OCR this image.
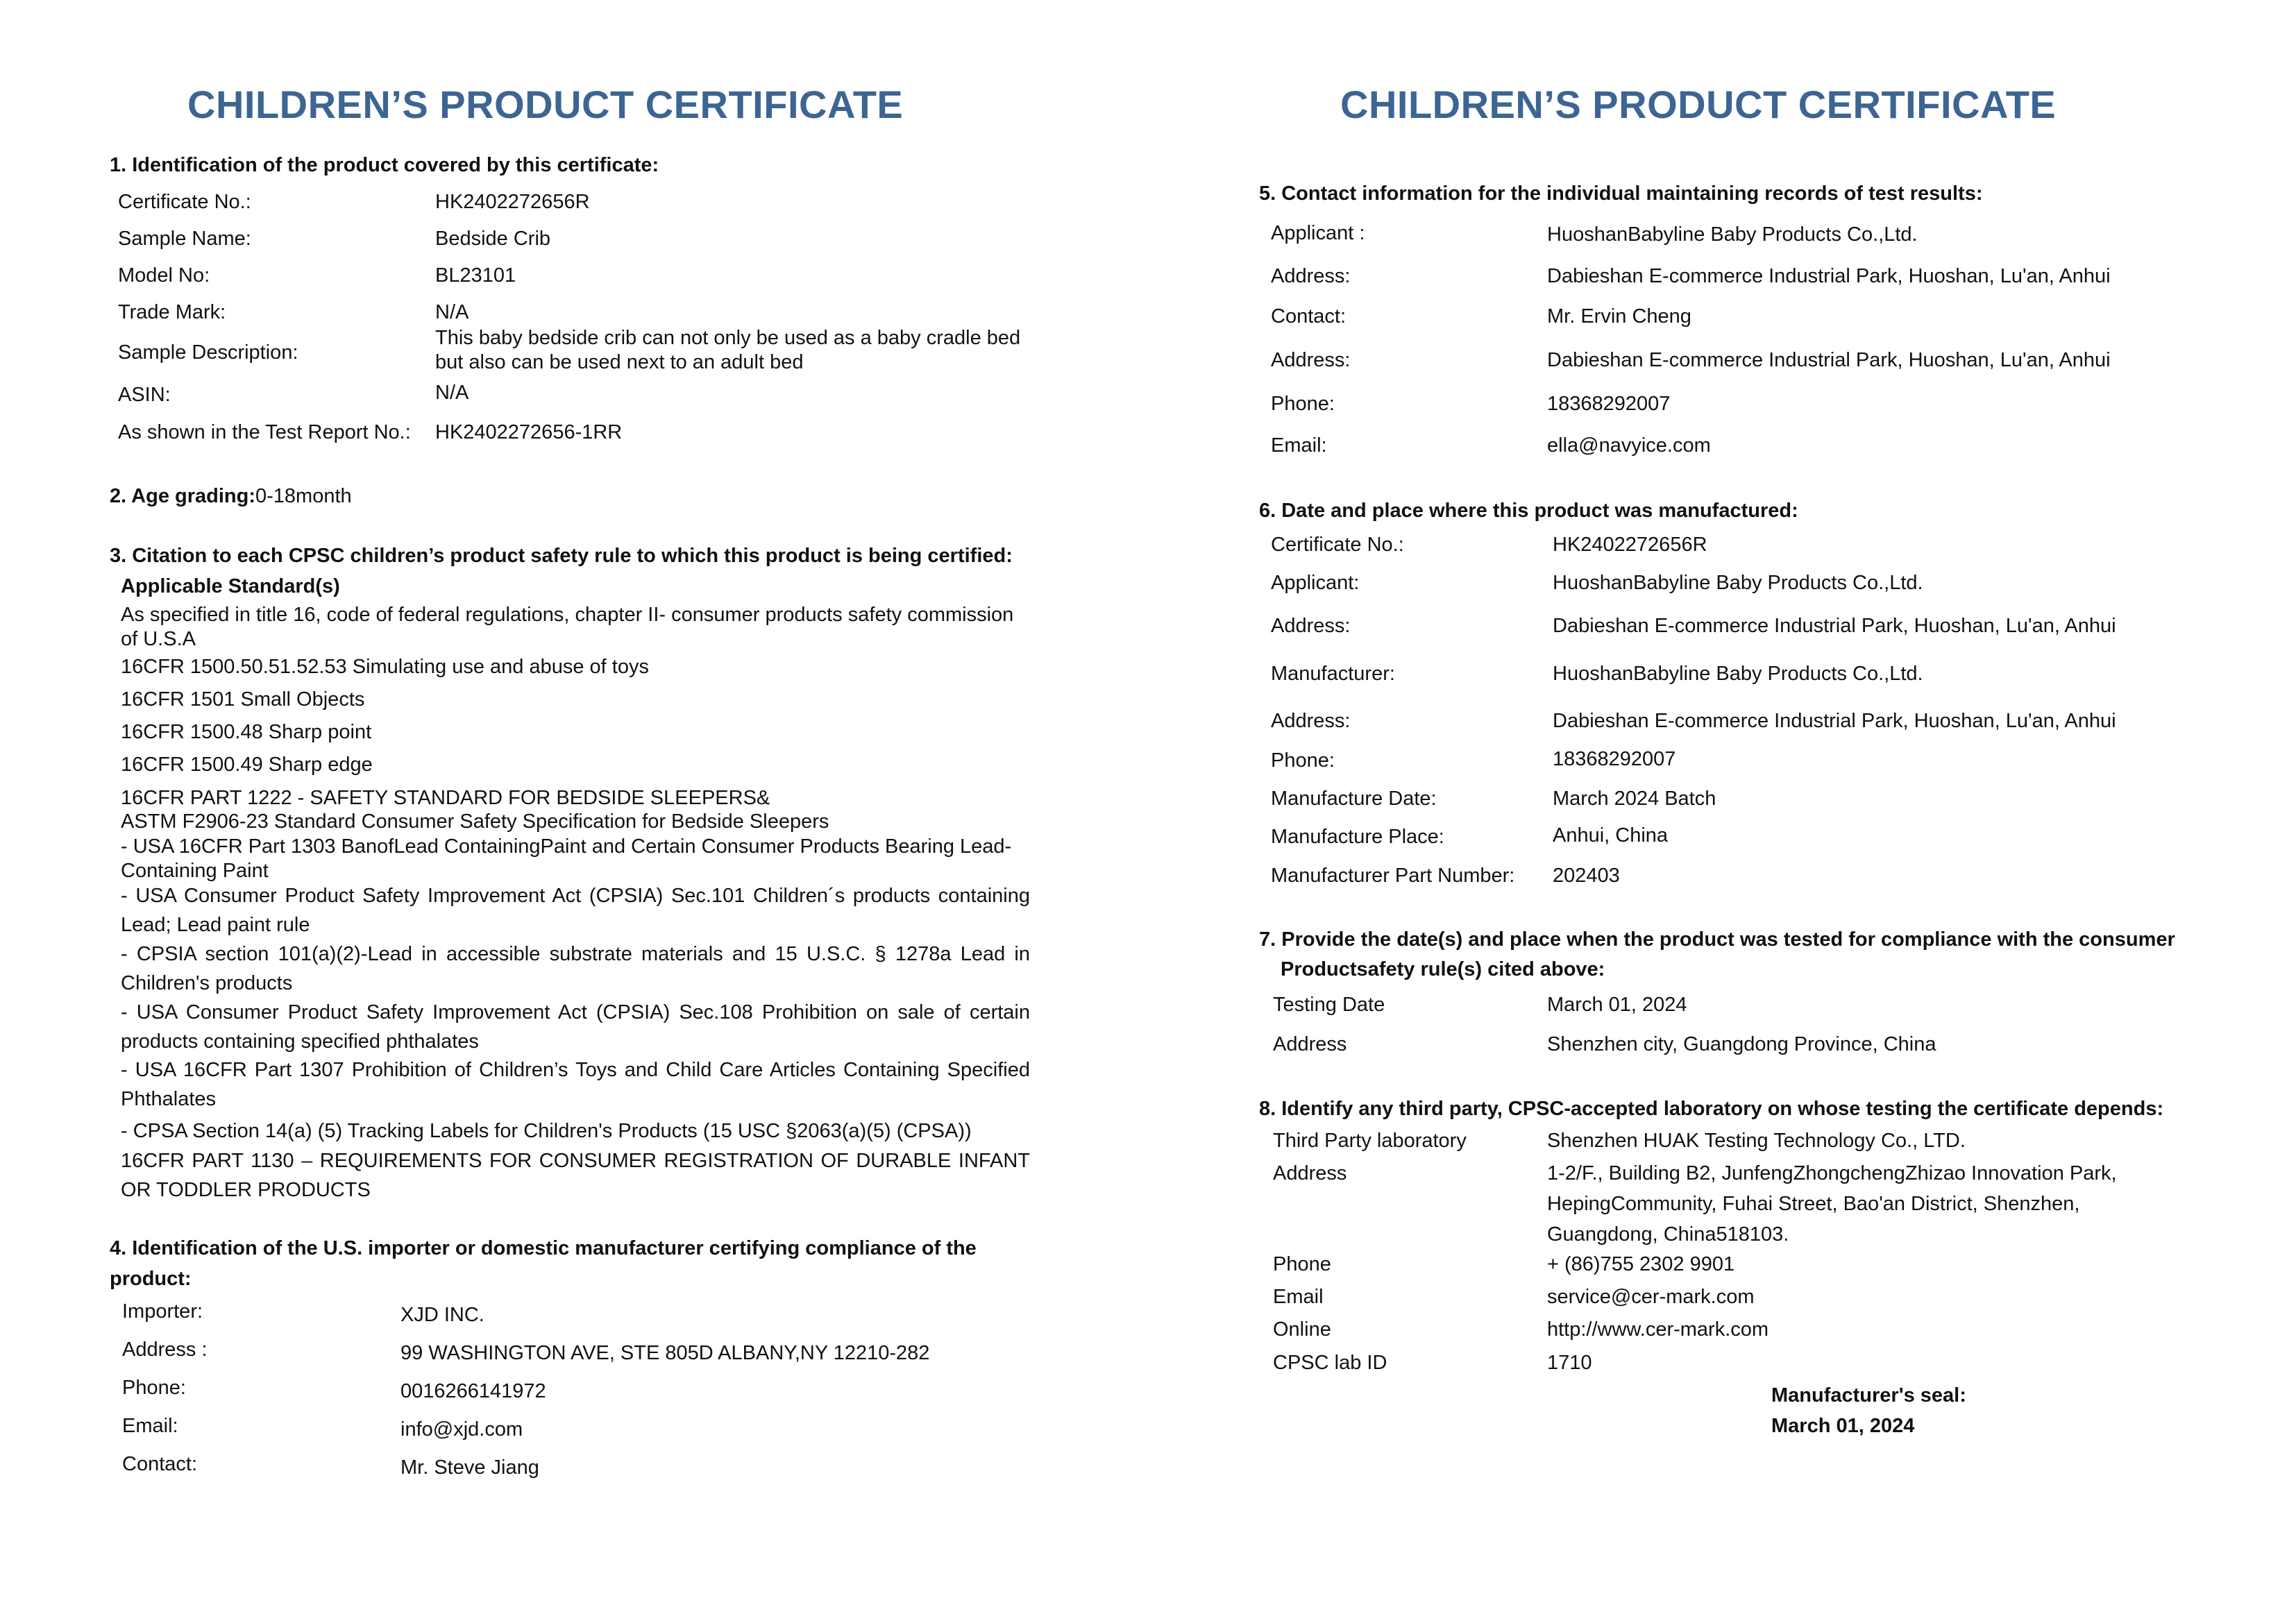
CHILDREN’S PRODUCT CERTIFICATE
1. Identification of the product covered by this certificate:
Certificate No.:	HK2402272656R
Sample Name:	Bedside Crib
Model No:	BL23101
Trade Mark:	N/A
Sample Description:
This baby bedside crib can not only be used as a baby cradle bed but also can be used next to an adult bed
ASIN:	N/A
As shown in the Test Report No.: HK2402272656-1RR
2. Age grading:0-18month
3. Citation to each CPSC children’s product safety rule to which this product is being certified:
Applicable Standard(s)
As specified in title 16, code of federal regulations, chapter II- consumer products safety commission of U.S.A
16CFR 1500.50.51.52.53 Simulating use and abuse of toys
16CFR 1501 Small Objects
16CFR 1500.48 Sharp point
16CFR 1500.49 Sharp edge
16CFR PART 1222 - SAFETY STANDARD FOR BEDSIDE SLEEPERS&
ASTM F2906-23 Standard Consumer Safety Specification for Bedside Sleepers
- USA 16CFR Part 1303 BanofLead ContainingPaint and Certain Consumer Products Bearing Lead-Containing Paint
- USA Consumer Product Safety Improvement Act (CPSIA) Sec.101 Children´s products containing Lead; Lead paint rule
- CPSIA section 101(a)(2)-Lead in accessible substrate materials and 15 U.S.C. § 1278a Lead in Children's products
- USA Consumer Product Safety Improvement Act (CPSIA) Sec.108 Prohibition on sale of certain products containing specified phthalates
- USA 16CFR Part 1307 Prohibition of Children’s Toys and Child Care Articles Containing Specified Phthalates
- CPSA Section 14(a) (5) Tracking Labels for Children's Products (15 USC §2063(a)(5) (CPSA))
16CFR PART 1130 – REQUIREMENTS FOR CONSUMER REGISTRATION OF DURABLE INFANT OR TODDLER PRODUCTS
4. Identification of the U.S. importer or domestic manufacturer certifying compliance of the product:
Importer:	XJD INC.
Address :	99 WASHINGTON AVE, STE 805D ALBANY,NY 12210-282
Phone:	0016266141972
Email:	info@xjd.com
Contact:	Mr. Steve Jiang
CHILDREN’S PRODUCT CERTIFICATE
5. Contact information for the individual maintaining records of test results:
Applicant :	HuoshanBabyline Baby Products Co.,Ltd.
Address:	Dabieshan E-commerce Industrial Park, Huoshan, Lu'an, Anhui
Contact:	Mr. Ervin Cheng
Address:	Dabieshan E-commerce Industrial Park, Huoshan, Lu'an, Anhui
Phone:	18368292007
Email:	ella@navyice.com
6. Date and place where this product was manufactured:
Certificate No.:	HK2402272656R
Applicant:	HuoshanBabyline Baby Products Co.,Ltd.
Address:	Dabieshan E-commerce Industrial Park, Huoshan, Lu'an, Anhui
Manufacturer:	HuoshanBabyline Baby Products Co.,Ltd.
Address:	Dabieshan E-commerce Industrial Park, Huoshan, Lu'an, Anhui
Phone:	18368292007
Manufacture Date:	March 2024 Batch
Manufacture Place:	Anhui, China
Manufacturer Part Number: 202403
7. Provide the date(s) and place when the product was tested for compliance with the consumer
Productsafety rule(s) cited above:
Testing Date	March 01, 2024
Address	Shenzhen city, Guangdong Province, China
8. Identify any third party, CPSC-accepted laboratory on whose testing the certificate depends:
Third Party laboratory	Shenzhen HUAK Testing Technology Co., LTD.
Address	1-2/F., Building B2, JunfengZhongchengZhizao Innovation Park, HepingCommunity, Fuhai Street, Bao'an District, Shenzhen, Guangdong, China518103.
Phone	+ (86)755 2302 9901
Email	service@cer-mark.com
Online	http://www.cer-mark.com
CPSC lab ID	1710
Manufacturer's seal:
March 01, 2024
